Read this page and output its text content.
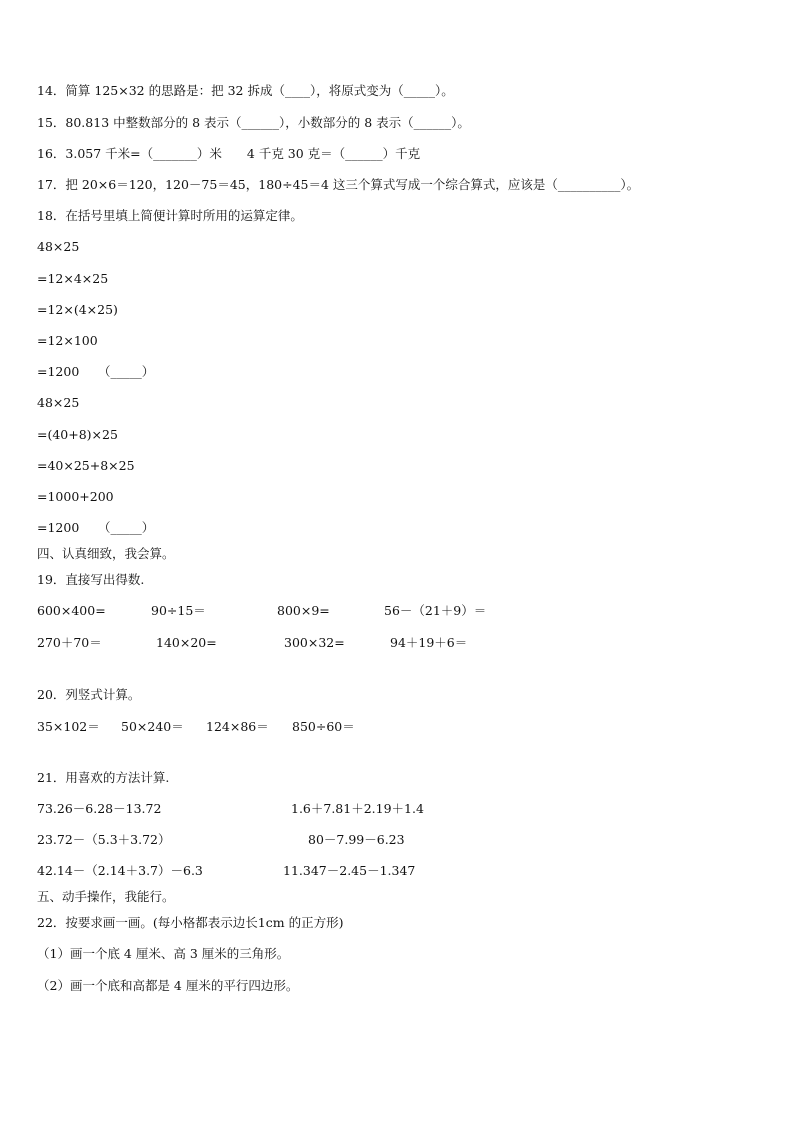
14．简算 125×32 的思路是：把 32 拆成（____），将原式变为（_____）。
15．80.813 中整数部分的 8 表示（______），小数部分的 8 表示（______）。
16．3.057 千米=（_______）米　　4 千克 30 克＝（______）千克
17．把 20×6＝120，120－75＝45，180÷45＝4 这三个算式写成一个综合算式，应该是（__________）。
18．在括号里填上简便计算时所用的运算定律。
48×25
=12×4×25
=12×(4×25)
=12×100
=1200　　（_____）
48×25
=(40+8)×25
=40×25+8×25
=1000+200
=1200　　（_____）
四、认真细致，我会算。
19．直接写出得数.
600×400=	90÷15＝	800×9=	56－（21＋9）＝
270＋70＝	140×20=	300×32=	94＋19＋6＝
20．列竖式计算。
35×102＝ 50×240＝ 124×86＝ 850÷60＝
21．用喜欢的方法计算.
73.26－6.28－13.72	1.6＋7.81＋2.19＋1.4
23.72－（5.3＋3.72）	80－7.99－6.23
42.14－（2.14＋3.7）－6.3	11.347－2.45－1.347
五、动手操作，我能行。
22．按要求画一画。(每小格都表示边长1cm 的正方形)
（1）画一个底 4 厘米、高 3 厘米的三角形。
（2）画一个底和高都是 4 厘米的平行四边形。
